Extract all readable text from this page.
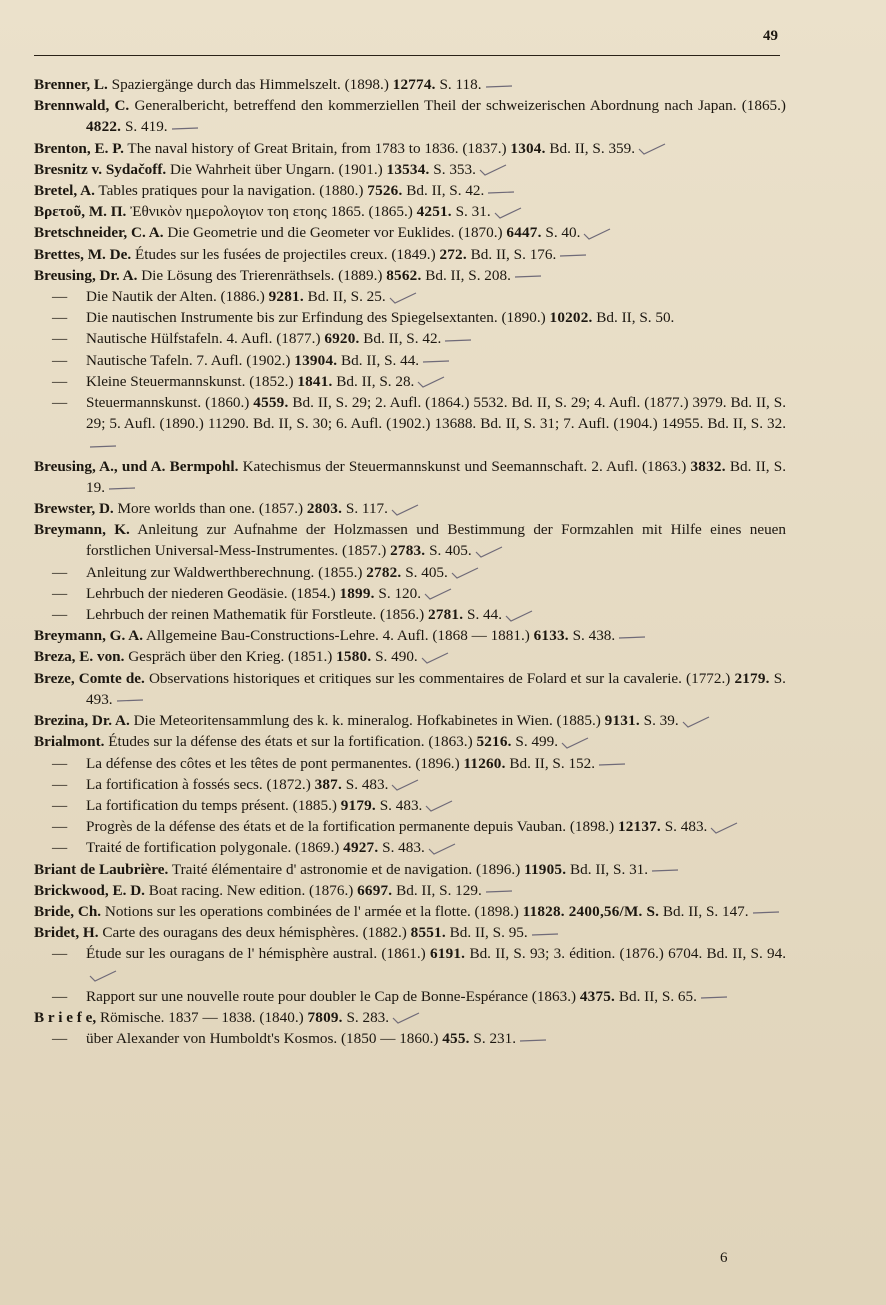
49

Brenner, L. Spaziergänge durch das Himmelszelt. (1898.) 12774. S. 118.

Brennwald, C. Generalbericht, betreffend den kommerziellen Theil der schweizerischen Abordnung nach Japan. (1865.) 4822. S. 419.

Brenton, E. P. The naval history of Great Britain, from 1783 to 1836. (1837.) 1304. Bd. II, S. 359.

Bresnitz v. Sydačoff. Die Wahrheit über Ungarn. (1901.) 13534. S. 353.

Bretel, A. Tables pratiques pour la navigation. (1880.) 7526. Bd. II, S. 42.

Βρετοῦ, Μ. Π. Ἐθνικὸν ημερολογιον τοη ετοης 1865. (1865.) 4251. S. 31.

Bretschneider, C. A. Die Geometrie und die Geometer vor Euklides. (1870.) 6447. S. 40.

Brettes, M. De. Études sur les fusées de projectiles creux. (1849.) 272. Bd. II, S. 176.

Breusing, Dr. A. Die Lösung des Trierenräthsels. (1889.) 8562. Bd. II, S. 208.

— Die Nautik der Alten. (1886.) 9281. Bd. II, S. 25.

— Die nautischen Instrumente bis zur Erfindung des Spiegelsextanten. (1890.) 10202. Bd. II, S. 50.

— Nautische Hülfstafeln. 4. Aufl. (1877.) 6920. Bd. II, S. 42.

— Nautische Tafeln. 7. Aufl. (1902.) 13904. Bd. II, S. 44.

— Kleine Steuermannskunst. (1852.) 1841. Bd. II, S. 28.

— Steuermannskunst. (1860.) 4559. Bd. II, S. 29; 2. Aufl. (1864.) 5532. Bd. II, S. 29; 4. Aufl. (1877.) 3979. Bd. II, S. 29; 5. Aufl. (1890.) 11290. Bd. II, S. 30; 6. Aufl. (1902.) 13688. Bd. II, S. 31; 7. Aufl. (1904.) 14955. Bd. II, S. 32.

Breusing, A., und A. Bermpohl. Katechismus der Steuermannskunst und Seemannschaft. 2. Aufl. (1863.) 3832. Bd. II, S. 19.

Brewster, D. More worlds than one. (1857.) 2803. S. 117.

Breymann, K. Anleitung zur Aufnahme der Holzmassen und Bestimmung der Formzahlen mit Hilfe eines neuen forstlichen Universal-Mess-Instrumentes. (1857.) 2783. S. 405.

— Anleitung zur Waldwerthberechnung. (1855.) 2782. S. 405.

— Lehrbuch der niederen Geodäsie. (1854.) 1899. S. 120.

— Lehrbuch der reinen Mathematik für Forstleute. (1856.) 2781. S. 44.

Breymann, G. A. Allgemeine Bau-Constructions-Lehre. 4. Aufl. (1868 — 1881.) 6133. S. 438.

Breza, E. von. Gespräch über den Krieg. (1851.) 1580. S. 490.

Breze, Comte de. Observations historiques et critiques sur les commentaires de Folard et sur la cavalerie. (1772.) 2179. S. 493.

Brezina, Dr. A. Die Meteoritensammlung des k. k. mineralog. Hofkabinetes in Wien. (1885.) 9131. S. 39.

Brialmont. Études sur la défense des états et sur la fortification. (1863.) 5216. S. 499.

— La défense des côtes et les têtes de pont permanentes. (1896.) 11260. Bd. II, S. 152.

— La fortification à fossés secs. (1872.) 387. S. 483.

— La fortification du temps présent. (1885.) 9179. S. 483.

— Progrès de la défense des états et de la fortification permanente depuis Vauban. (1898.) 12137. S. 483.

— Traité de fortification polygonale. (1869.) 4927. S. 483.

Briant de Laubrière. Traité élémentaire d' astronomie et de navigation. (1896.) 11905. Bd. II, S. 31.

Brickwood, E. D. Boat racing. New edition. (1876.) 6697. Bd. II, S. 129.

Bride, Ch. Notions sur les operations combinées de l' armée et la flotte. (1898.) 11828. 2400,56/M. S. Bd. II, S. 147.

Bridet, H. Carte des ouragans des deux hémisphères. (1882.) 8551. Bd. II, S. 95.

— Étude sur les ouragans de l' hémisphère austral. (1861.) 6191. Bd. II, S. 93; 3. édition. (1876.) 6704. Bd. II, S. 94.

— Rapport sur une nouvelle route pour doubler le Cap de Bonne-Espérance (1863.) 4375. Bd. II, S. 65.

B r i e f e, Römische. 1837 — 1838. (1840.) 7809. S. 283.

— über Alexander von Humboldt's Kosmos. (1850 — 1860.) 455. S. 231.

6
